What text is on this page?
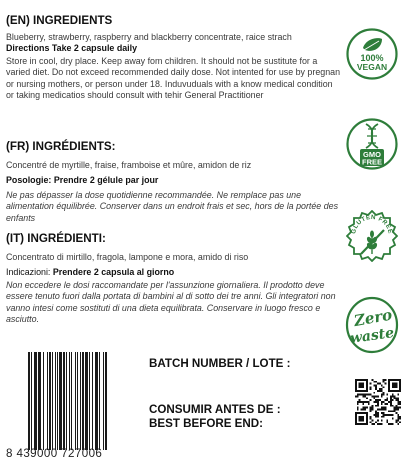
(EN) INGREDIENTS
Blueberry, strawberry, raspberry and blackberry concentrate, raice strach
Directions Take 2 capsule daily
Store in cool, dry place. Keep away fom children. It should not be sustitute for a varied diet. Do not exceed recommended daily dose. Not intented for use by pregnan or nursing mothers, or person under 18. Induvuduals with a know medical condition or taking medicatios should consult with tehir General Practitioner
(FR) INGRÉDIENTS:
Concentré de myrtille, fraise, framboise et mûre, amidon de riz
Posologie: Prendre 2 gélule par jour
Ne pas dépasser la dose quotidienne recommandée. Ne remplace pas une alimentation équilibrée. Conserver dans un endroit frais et sec, hors de la portée des enfants
(IT) INGRÉDIENTI:
Concentrato di mirtillo, fragola, lampone e mora, amido di riso
Indicazioni: Prendere 2 capsula al giorno
Non eccedere le dosi raccomandate per l'assunzione giornaliera. Il prodotto deve essere tenuto fuori dalla portata di bambini al di sotto dei tre anni. Gli integratori non vanno intesi come sostituti di una dieta equilibrata. Conservare in luogo fresco e asciutto.
100%
VEGAN
GMO
FREE
GLUTEN FREE
Zero
waste
8 439000 727006
BATCH NUMBER / LOTE :
CONSUMIR ANTES DE :
BEST BEFORE END:
